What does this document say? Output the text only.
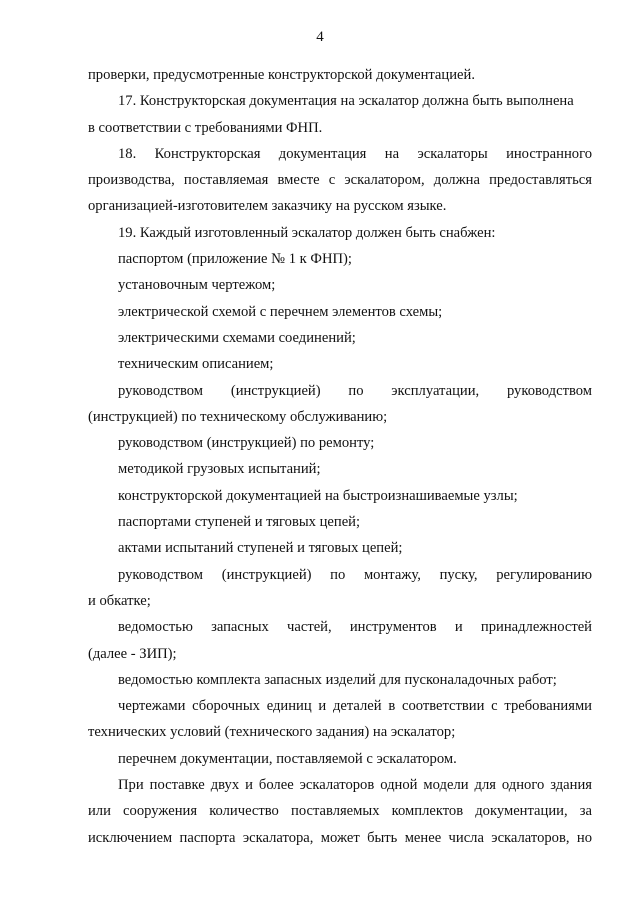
4
проверки, предусмотренные конструкторской документацией.
17. Конструкторская документация на эскалатор должна быть выполнена
в соответствии с требованиями ФНП.
18. Конструкторская документация на эскалаторы иностранного
производства, поставляемая вместе с эскалатором, должна предоставляться
организацией-изготовителем заказчику на русском языке.
19. Каждый изготовленный эскалатор должен быть снабжен:
паспортом (приложение № 1 к ФНП);
установочным чертежом;
электрической схемой с перечнем элементов схемы;
электрическими схемами соединений;
техническим описанием;
руководством (инструкцией) по эксплуатации, руководством
(инструкцией) по техническому обслуживанию;
руководством (инструкцией) по ремонту;
методикой грузовых испытаний;
конструкторской документацией на быстроизнашиваемые узлы;
паспортами ступеней и тяговых цепей;
актами испытаний ступеней и тяговых цепей;
руководством (инструкцией) по монтажу, пуску, регулированию
и обкатке;
ведомостью запасных частей, инструментов и принадлежностей
(далее - ЗИП);
ведомостью комплекта запасных изделий для пусконаладочных работ;
чертежами сборочных единиц и деталей в соответствии с требованиями
технических условий (технического задания) на эскалатор;
перечнем документации, поставляемой с эскалатором.
При поставке двух и более эскалаторов одной модели для одного здания
или сооружения количество поставляемых комплектов документации, за
исключением паспорта эскалатора, может быть менее числа эскалаторов, но
